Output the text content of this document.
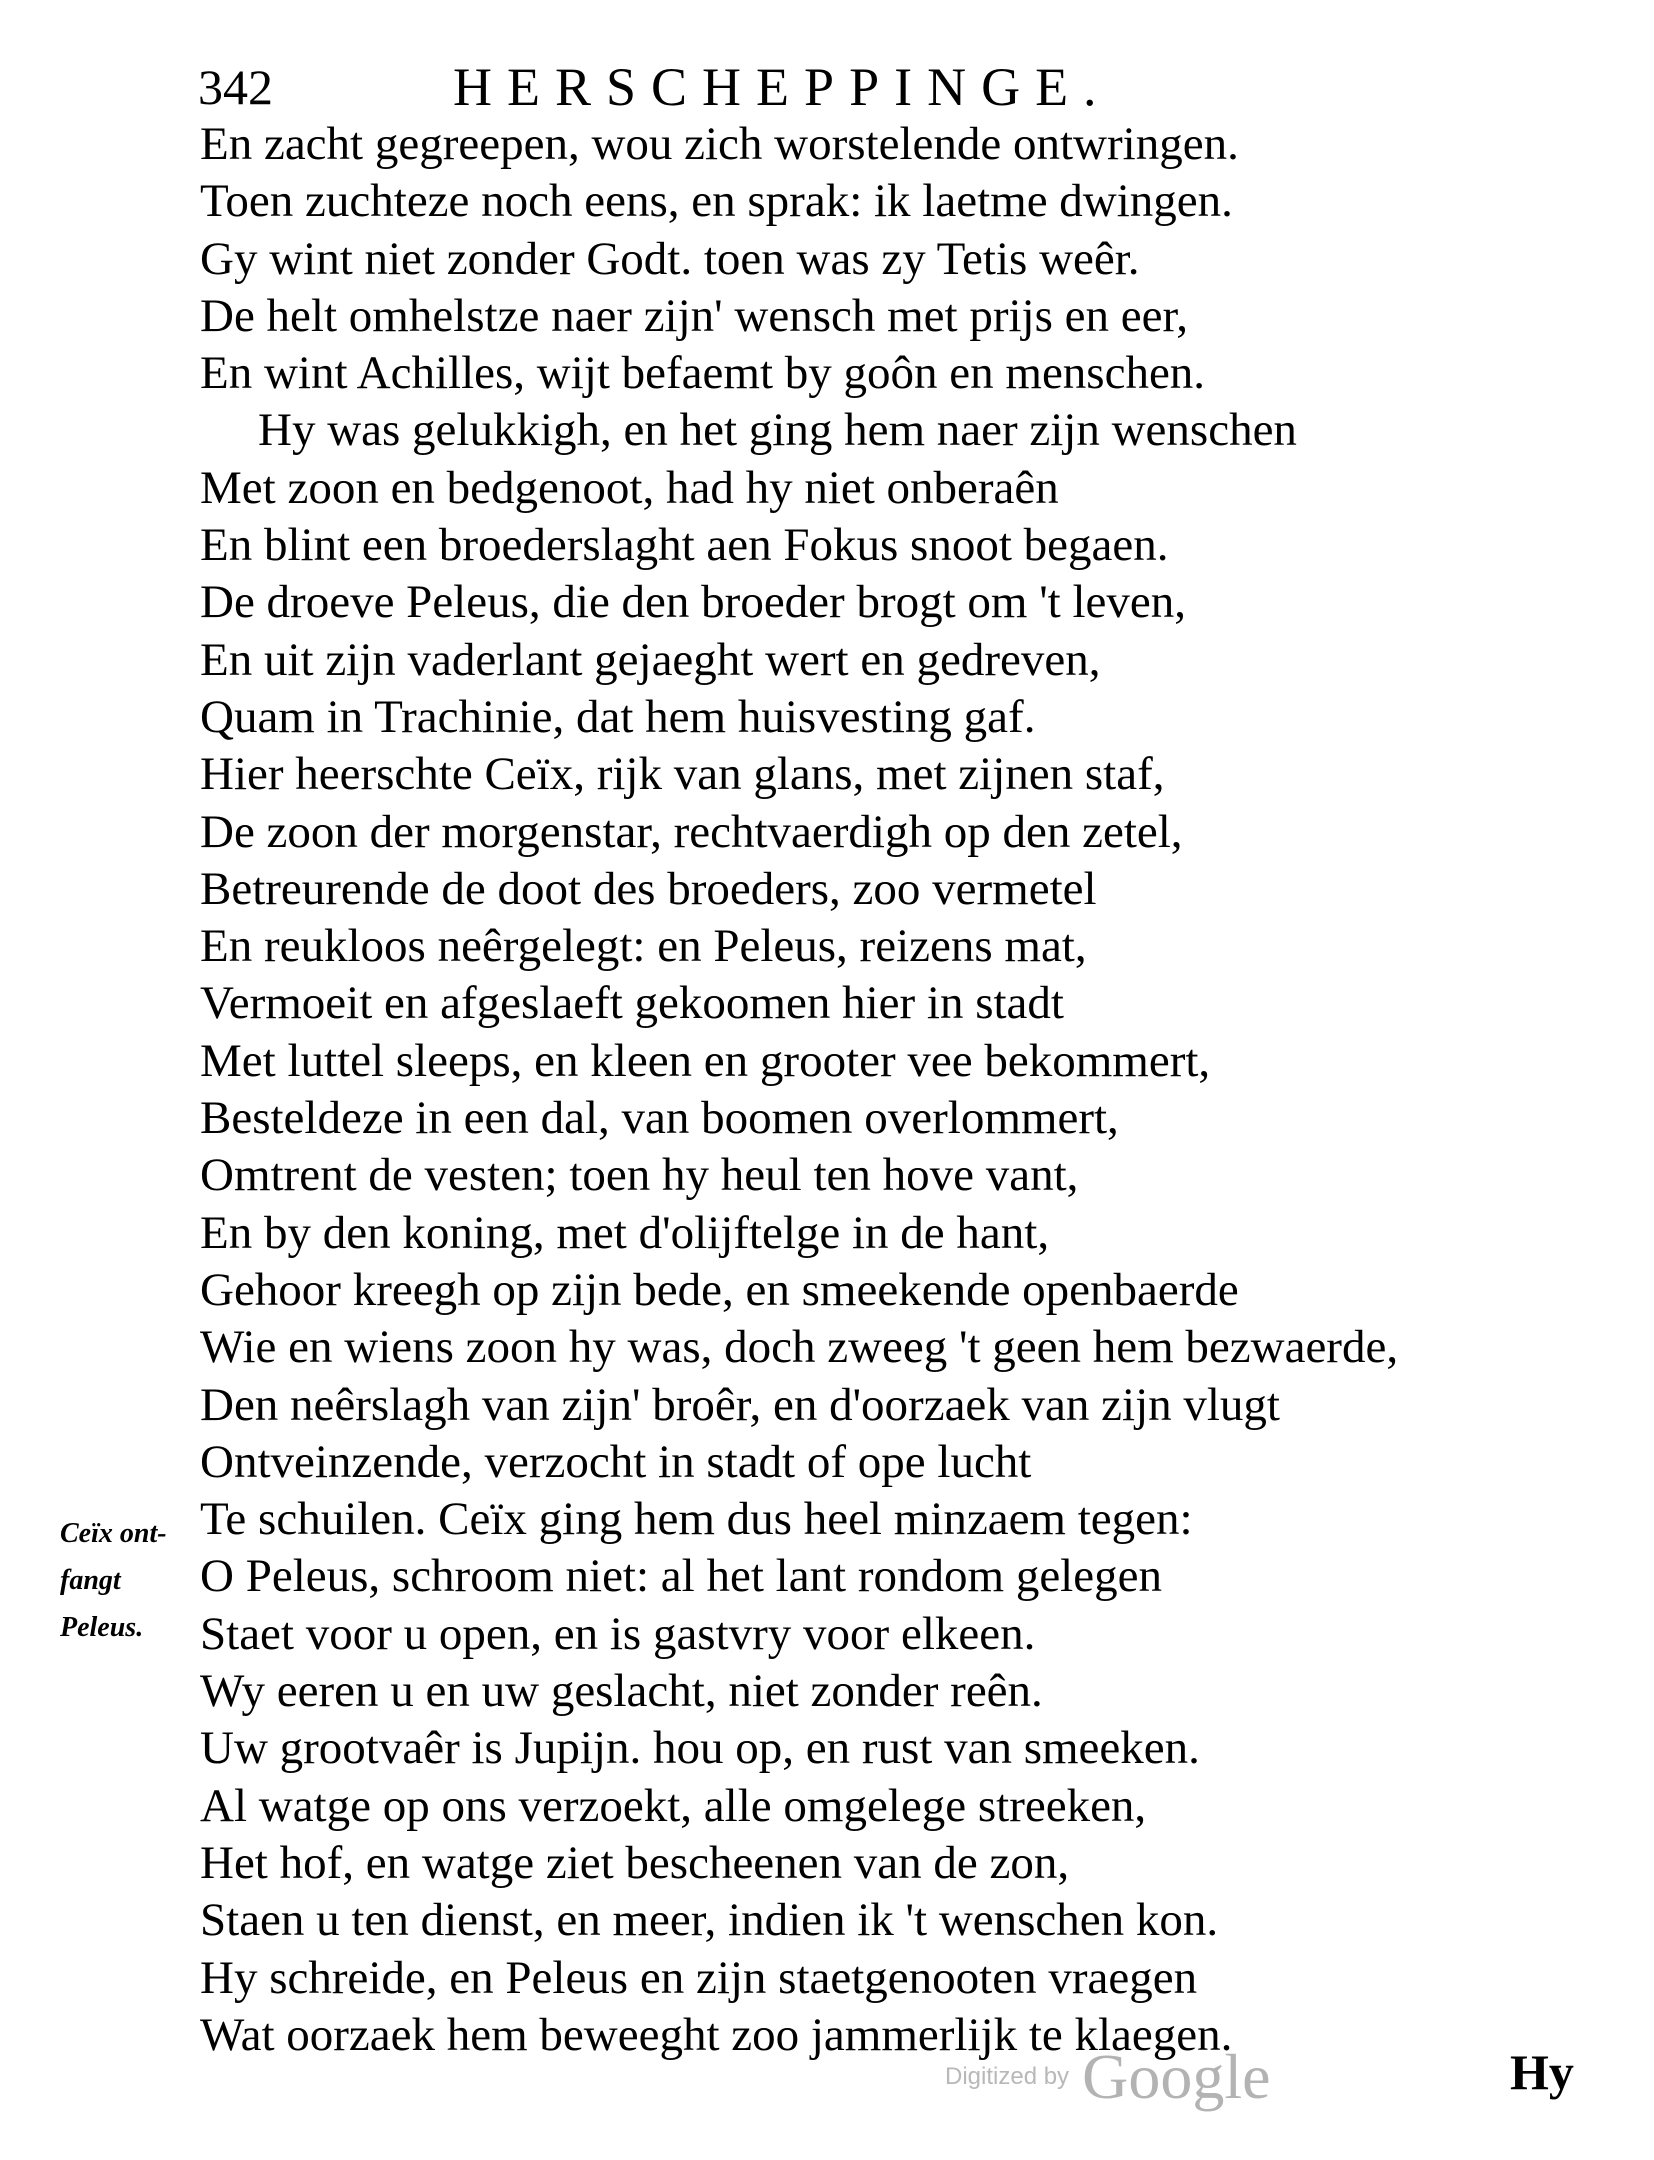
342	HERSCHEPPINGE.
En zacht gegreepen, wou zich worstelende ontwringen.
Toen zuchteze noch eens, en sprak: ik laetme dwingen.
Gy wint niet zonder Godt. toen was zy Tetis weêr.
De helt omhelstze naer zijn' wensch met prijs en eer,
En wint Achilles, wijt befaemt by goôn en menschen.
Hy was gelukkigh, en het ging hem naer zijn wenschen
Met zoon en bedgenoot, had hy niet onberaên
En blint een broederslaght aen Fokus snoot begaen.
De droeve Peleus, die den broeder brogt om 't leven,
En uit zijn vaderlant gejaeght wert en gedreven,
Quam in Trachinie, dat hem huisvesting gaf.
Hier heerschte Ceïx, rijk van glans, met zijnen staf,
De zoon der morgenstar, rechtvaerdigh op den zetel,
Betreurende de doot des broeders, zoo vermetel
En reukloos neêrgelegt: en Peleus, reizens mat,
Vermoeit en afgeslaeft gekoomen hier in stadt
Met luttel sleeps, en kleen en grooter vee bekommert,
Besteldeze in een dal, van boomen overlommert,
Omtrent de vesten; toen hy heul ten hove vant,
En by den koning, met d'olijftelge in de hant,
Gehoor kreegh op zijn bede, en smeekende openbaerde
Wie en wiens zoon hy was, doch zweeg 't geen hem bezwaerde,
Den neêrslagh van zijn' broêr, en d'oorzaek van zijn vlugt
Ontveinzende, verzocht in stadt of ope lucht
Te schuilen. Ceïx ging hem dus heel minzaem tegen:
O Peleus, schroom niet: al het lant rondom gelegen
Staet voor u open, en is gastvry voor elkeen.
Wy eeren u en uw geslacht, niet zonder reên.
Uw grootvaêr is Jupijn. hou op, en rust van smeeken.
Al watge op ons verzoekt, alle omgelege streeken,
Het hof, en watge ziet bescheenen van de zon,
Staen u ten dienst, en meer, indien ik 't wenschen kon.
Hy schreide, en Peleus en zijn staetgenooten vraegen
Wat oorzaek hem beweeght zoo jammerlijk te klaegen.
Ceïx ont-
fangt
Peleus.
Hy
Digitized by Google
